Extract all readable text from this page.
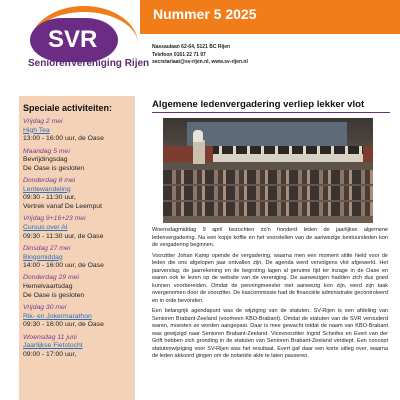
Nummer 5 2025
SVR
SeniorenVereniging Rijen
Nassaulaan 62-64, 5121 BC Rijen
Telefoon 0161 22 71 97
secretariaat@sv-rijen.nl, www.sv-rijen.nl
Speciale activiteiten:
Vrijdag 2 mei
High Tea
13:00 - 16:00 uur, de Oase
Maandag 5 mei
Bevrijdingsdag
De Oase is gesloten
Donderdag 8 mei
Lentewandeling
09:30 - 11:30 uur,
Vertrek vanaf De Leemput
Vrijdag 9+16+23 mei
Cursus over AI
09:30 - 11:30 uur, de Oase
Dinsdag 27 mei
Bingomiddag
14:00 - 16:00 uur, de Oase
Donderdag 29 mei
Hemelvaartsdag
De Oase is gesloten
Vrijdag 30 mei
Rik- en Jokermarathon
09:30 - 16:00 uur, de Oase
Woensdag 11 juni
Jaarlijkse Fietstocht
09:00 - 17:00 uur,
Algemene ledenvergadering verliep lekker vlot

Woensdagmiddag 9 april bezochten zo'n honderd leden de jaarlijkse algemene ledenvergadering. Na een kopje koffie en het voorstellen van de aanwezige bestuursleden kon de vergadering beginnen.

Voorzitter Johan Kamp opende de vergadering, waarna men een moment stilte hield voor de leden die ons afgelopen jaar ontvallen zijn. De agenda werd vervolgens vlot afgewerkt. Het jaarverslag, de jaarrekening en de begroting lagen al geruime tijd ter inzage in de Oase en waren ook te lezen op de website van de vereniging. De aanwezigen hadden zich dus goed kunnen voorbereiden. Omdat de penningmeester niet aanwezig kon zijn, werd zijn taak overgenomen door de voorzitter. De kascommissie had de financiële administratie gecontroleerd en in orde bevonden.

Een belangrijk agendapunt was de wijziging van de statuten. SV-Rijen is een afdeling van Senioren Brabant-Zeeland (voorheen KBO-Brabant). Omdat de statuten van de SVR verouderd waren, moesten ze worden aangepast. Daar is mee gewacht totdat de naam van KBO-Brabant was gewijzigd naar Senioren Brabant-Zeeland. Vicevoorzitter Ingrid Scheifes en Evert van der Grift hebben zich gronding in de statuten van Senioren Brabant-Zeeland verdiept. Een concept statutenwijziging voor SV-Rijen was het resultaat. Evert gaf daar een korte uitleg over, waarna de leden akkoord gingen om de notariële akte te laten passeren.
